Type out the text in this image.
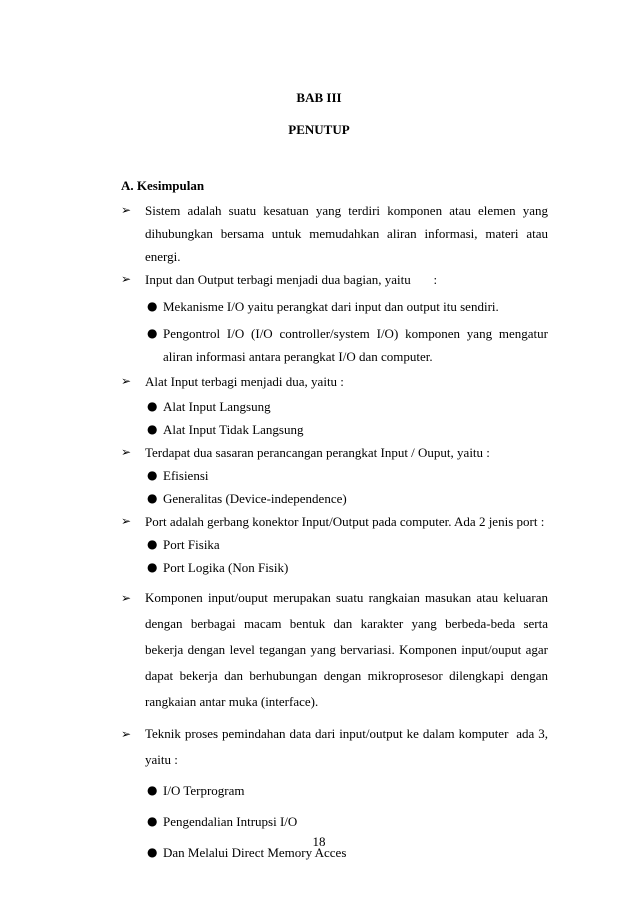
BAB III
PENUTUP
A. Kesimpulan
➢	Sistem adalah suatu kesatuan yang terdiri komponen atau elemen yang dihubungkan bersama untuk memudahkan aliran informasi, materi atau energi.
➢	Input dan Output terbagi menjadi dua bagian, yaitu       :
● Mekanisme I/O yaitu perangkat dari input dan output itu sendiri.
● Pengontrol I/O (I/O controller/system I/O) komponen yang mengatur aliran informasi antara perangkat I/O dan computer.
➢	Alat Input terbagi menjadi dua, yaitu :
● Alat Input Langsung
● Alat Input Tidak Langsung
➢	Terdapat dua sasaran perancangan perangkat Input / Ouput, yaitu :
● Efisiensi
● Generalitas (Device-independence)
➢	Port adalah gerbang konektor Input/Output pada computer. Ada 2 jenis port :
● Port Fisika
● Port Logika (Non Fisik)
➢	Komponen input/ouput merupakan suatu rangkaian masukan atau keluaran dengan berbagai macam bentuk dan karakter yang berbeda-beda serta bekerja dengan level tegangan yang bervariasi. Komponen input/ouput agar dapat bekerja dan berhubungan dengan mikroprosesor dilengkapi dengan rangkaian antar muka (interface).
➢	Teknik proses pemindahan data dari input/output ke dalam komputer  ada 3, yaitu :
● I/O Terprogram
● Pengendalian Intrupsi I/O
● Dan Melalui Direct Memory Acces
18
